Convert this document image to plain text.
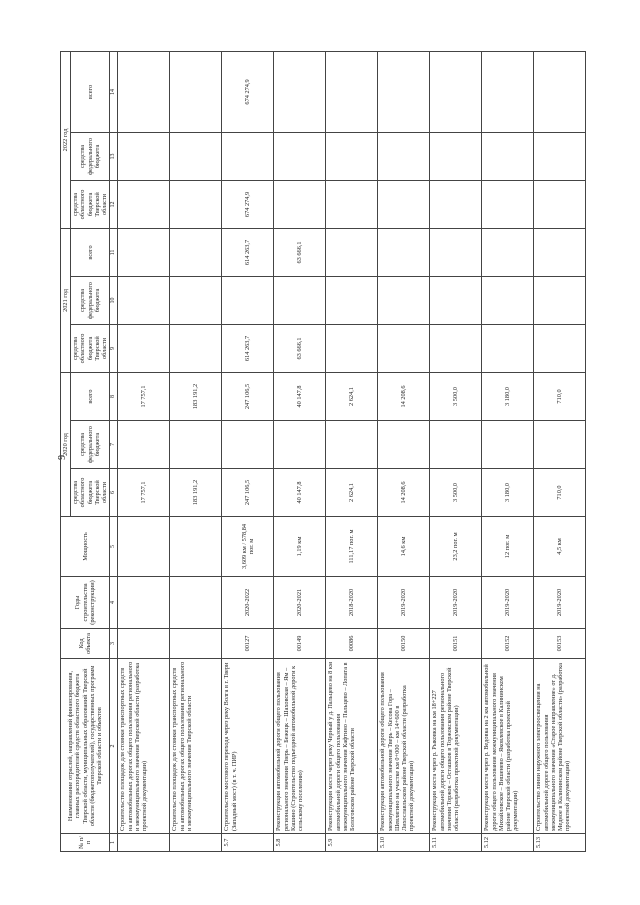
9
№ п/п	Наименование отраслей, направлений финансирования, главных распорядителей средств областного бюджета Тверской области, муниципальных образований Тверской области (бюджетополучателей), государственных программ Тверской области и объектов	Код объекта	Годы строительства (реконструкции)	Мощность	2020 год			2021 год			2022 год		
					средства областного бюджета Тверской области	средства федерального бюджета	всего	средства областного бюджета Тверской области	средства федерального бюджета	всего	средства областного бюджета Тверской области	средства федерального бюджета	всего
1	2	3	4	5	6	7	8	9	10	11	12	13	14
	Строительство площадок для стоянки транспортных средств на автомобильных дорогах общего пользования регионального и межмуниципального значения Тверской области (разработка проектной документации)				17 757,1		17 757,1						
	Строительство площадок для стоянки транспортных средств на автомобильных дорогах общего пользования регионального и межмуниципального значения Тверской области				183 191,2		183 191,2						
5.7	Строительство мостового перехода через реку Волга в г. Твери (Западный мост) (в т. ч. ПИР)	00127	2020-2022	3,609 км / 578,84 пог. м	247 106,5		247 106,5	614 263,7		614 263,7	674 274,9		674 274,9
5.8	Реконструкция автомобильной дороги общего пользования регионального значения Тверь – Бежецк – Шаховская – Ям – Кашино (Строительство подъездной автомобильной дороги к сельскому поселению)	00149	2020-2021	1,19 км	40 147,8		40 147,8	63 666,1		63 666,1			
5.9	Реконструкция моста через реку Черный у д. Пальцево на 8 км автомобильной дороги общего пользования межмуниципального значения Кафтино – Пальцево – Лопата в Бологовском районе Тверской области	00086	2018-2020	111,17 пог. м	2 624,1		2 624,1						
5.10	Реконструкция автомобильной дороги общего пользования межмуниципального значения Тверь – Кесова Гора – Шевлягино на участке км 0+000 – км 14+600 в Лихославльском районе Тверской области (разработка проектной документации)	00150	2019-2020	14,6 км	14 208,6		14 208,6						
5.11	Реконструкция моста через р. Рыковка на км 18+227 автомобильной дороги общего пользования регионального значения Торжок – Осташков в Торжокском районе Тверской области (разработка проектной документации)	00151	2019-2020	23,2 пог. м	3 500,0		3 500,0						
5.12	Реконструкция моста через р. Ведовка на 2 км автомобильной дороги общего пользования межмуниципального значения Михайловское – Вишенево – Яковлевское в Калининском районе Тверской области (разработка проектной документации)	00152	2019-2020	12 пог. м	3 180,0		3 180,0						
5.13	Строительство линии наружного электроосвещения на автомобильной дороге общего пользования межмуниципального значения «Старое направление» от д. Медное в Калининском районе Тверской области» (разработка проектной документации)	00153	2019-2020	4,5 км	710,0		710,0						
